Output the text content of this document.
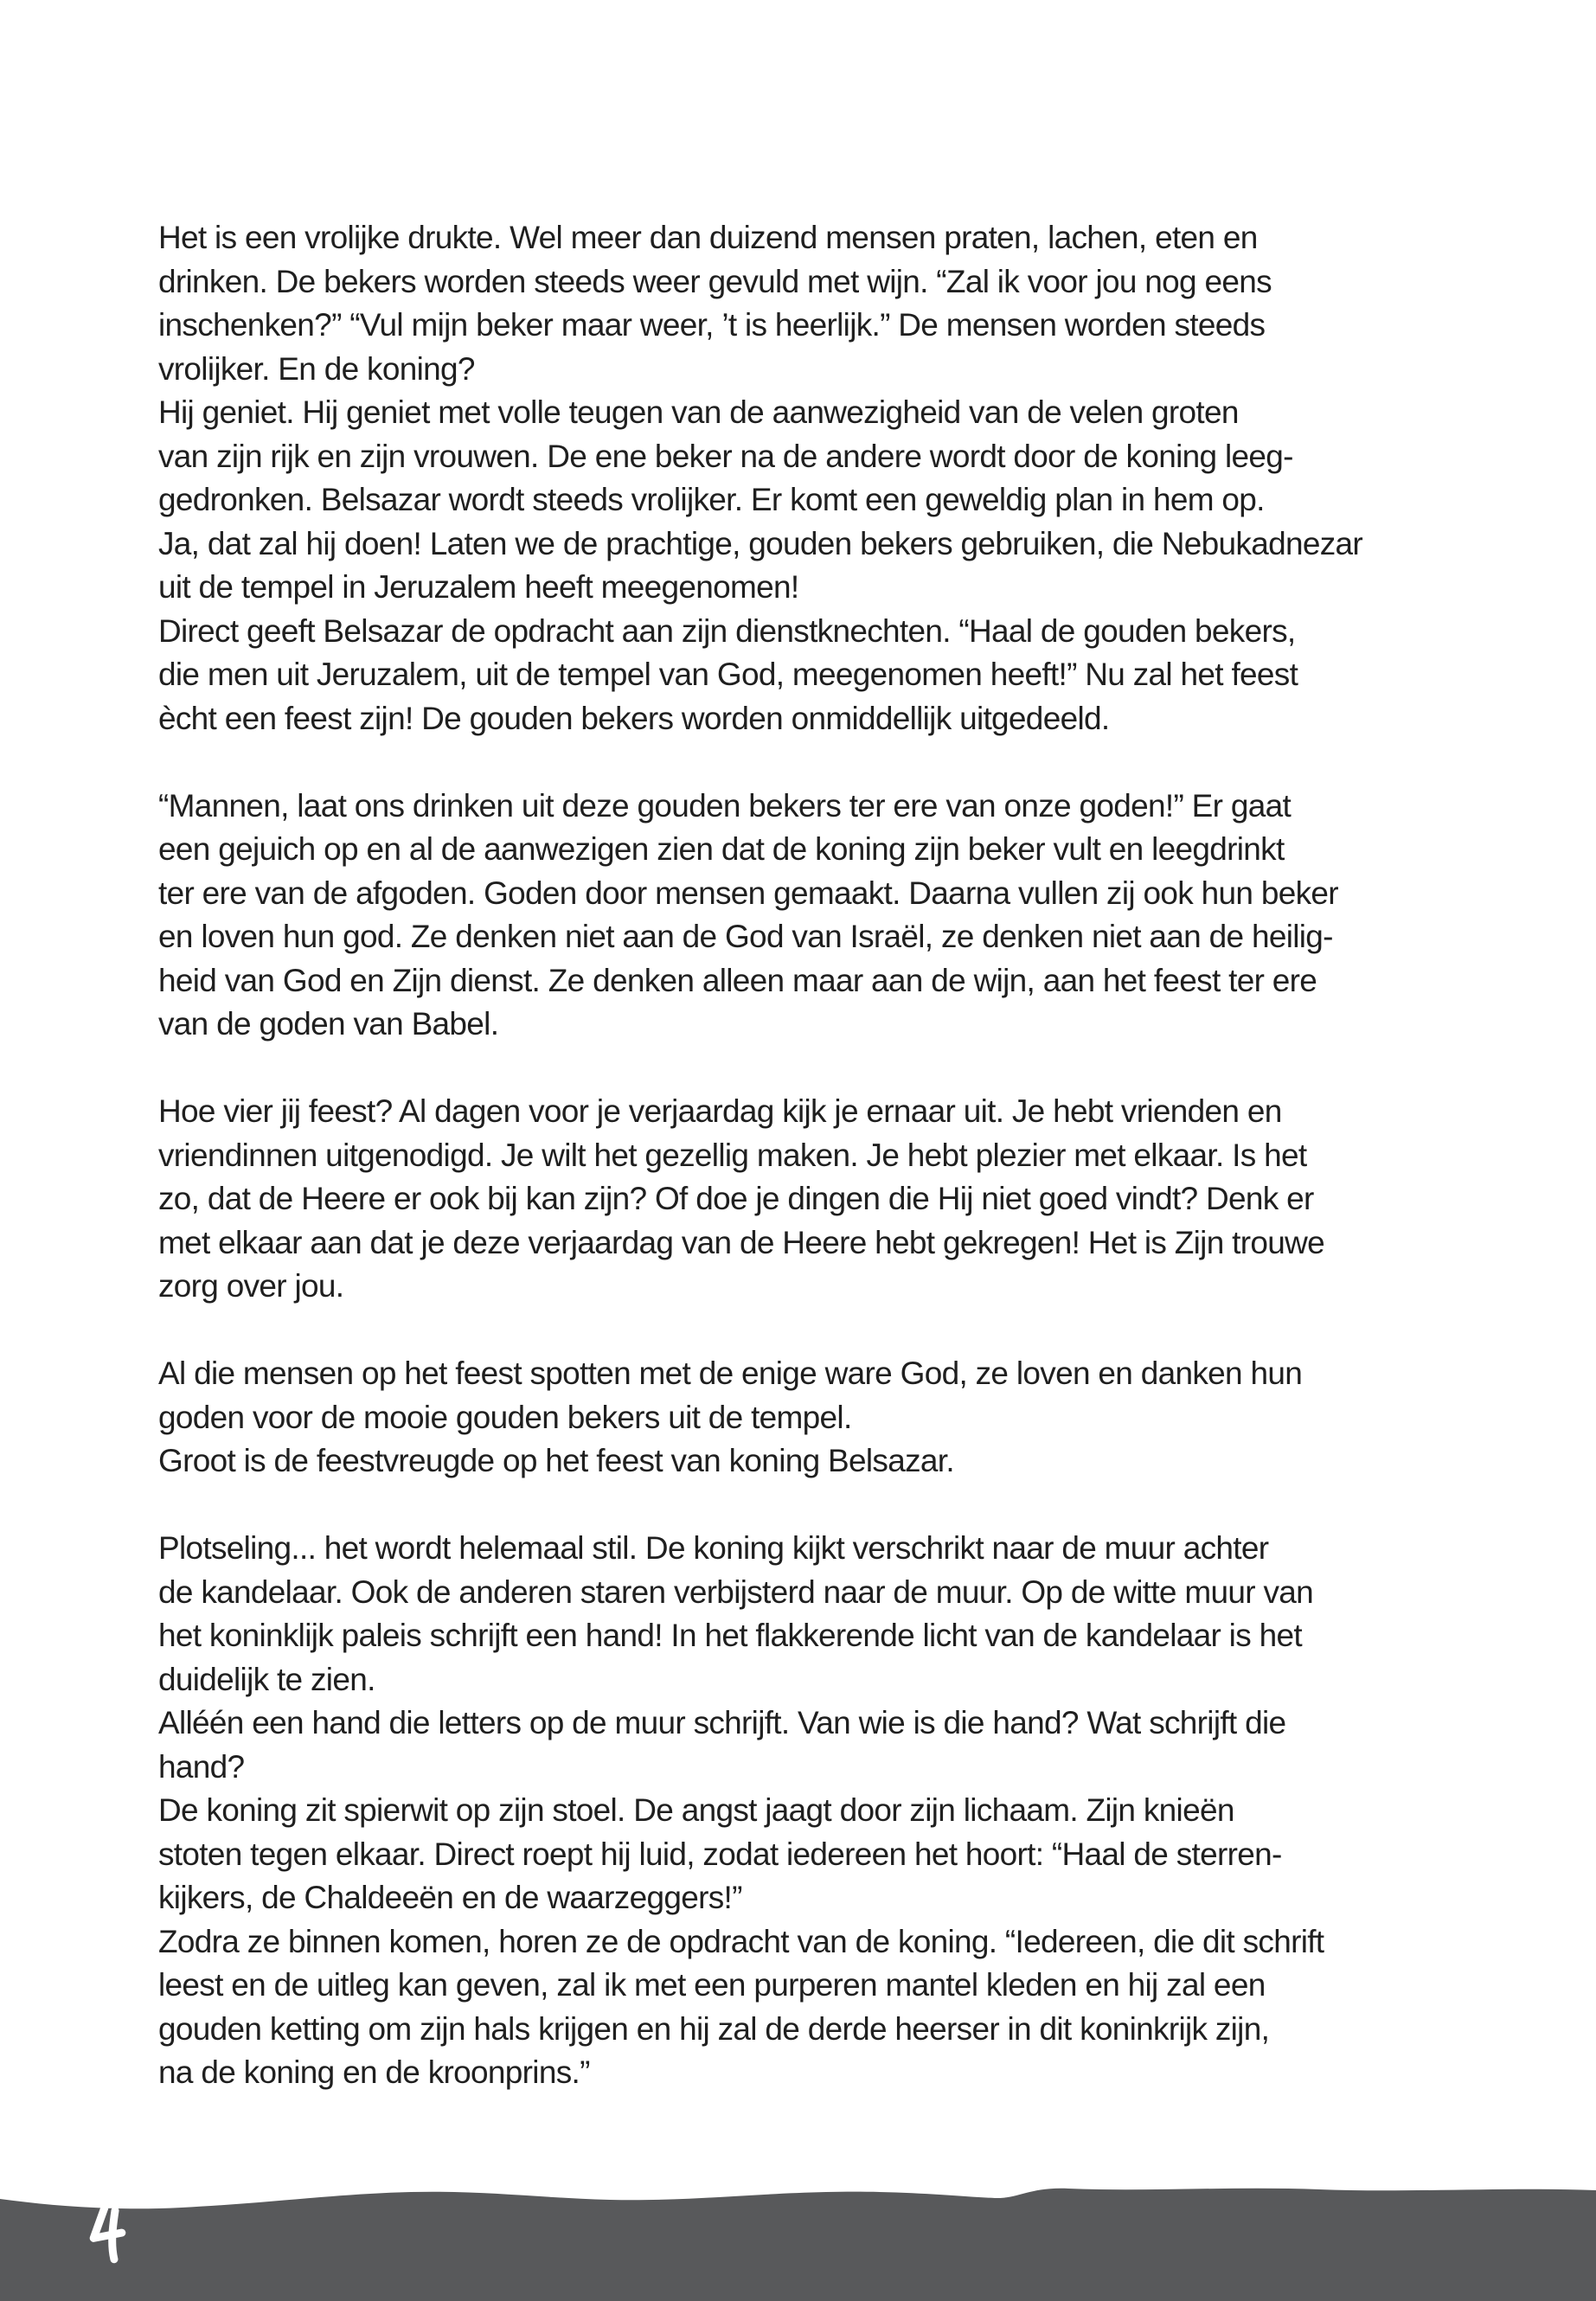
Het is een vrolijke drukte. Wel meer dan duizend mensen praten, lachen, eten en
drinken. De bekers worden steeds weer gevuld met wijn. “Zal ik voor jou nog eens
inschenken?” “Vul mijn beker maar weer, ’t is heerlijk.” De mensen worden steeds
vrolijker. En de koning?
Hij geniet. Hij geniet met volle teugen van de aanwezigheid van de velen groten
van zijn rijk en zijn vrouwen. De ene beker na de andere wordt door de koning leeg-
gedronken. Belsazar wordt steeds vrolijker. Er komt een geweldig plan in hem op.
Ja, dat zal hij doen! Laten we de prachtige, gouden bekers gebruiken, die Nebukadnezar
uit de tempel in Jeruzalem heeft meegenomen!
Direct geeft Belsazar de opdracht aan zijn dienstknechten. “Haal de gouden bekers,
die men uit Jeruzalem, uit de tempel van God, meegenomen heeft!” Nu zal het feest
ècht een feest zijn! De gouden bekers worden onmiddellijk uitgedeeld.

“Mannen, laat ons drinken uit deze gouden bekers ter ere van onze goden!” Er gaat
een gejuich op en al de aanwezigen zien dat de koning zijn beker vult en leegdrinkt
ter ere van de afgoden. Goden door mensen gemaakt. Daarna vullen zij ook hun beker
en loven hun god. Ze denken niet aan de God van Israël, ze denken niet aan de heilig-
heid van God en Zijn dienst. Ze denken alleen maar aan de wijn, aan het feest ter ere
van de goden van Babel.

Hoe vier jij feest? Al dagen voor je verjaardag kijk je ernaar uit. Je hebt vrienden en
vriendinnen uitgenodigd. Je wilt het gezellig maken. Je hebt plezier met elkaar. Is het
zo, dat de Heere er ook bij kan zijn? Of doe je dingen die Hij niet goed vindt? Denk er
met elkaar aan dat je deze verjaardag van de Heere hebt gekregen! Het is Zijn trouwe
zorg over jou.

Al die mensen op het feest spotten met de enige ware God, ze loven en danken hun
goden voor de mooie gouden bekers uit de tempel.
Groot is de feestvreugde op het feest van koning Belsazar.

Plotseling... het wordt helemaal stil. De koning kijkt verschrikt naar de muur achter
de kandelaar. Ook de anderen staren verbijsterd naar de muur. Op de witte muur van
het koninklijk paleis schrijft een hand! In het flakkerende licht van de kandelaar is het
duidelijk te zien.
Alléén een hand die letters op de muur schrijft. Van wie is die hand? Wat schrijft die
hand?
De koning zit spierwit op zijn stoel. De angst jaagt door zijn lichaam. Zijn knieën
stoten tegen elkaar. Direct roept hij luid, zodat iedereen het hoort: “Haal de sterren-
kijkers, de Chaldeeën en de waarzeggers!”
Zodra ze binnen komen, horen ze de opdracht van de koning. “Iedereen, die dit schrift
leest en de uitleg kan geven, zal ik met een purperen mantel kleden en hij zal een
gouden ketting om zijn hals krijgen en hij zal de derde heerser in dit koninkrijk zijn,
na de koning en de kroonprins.”
